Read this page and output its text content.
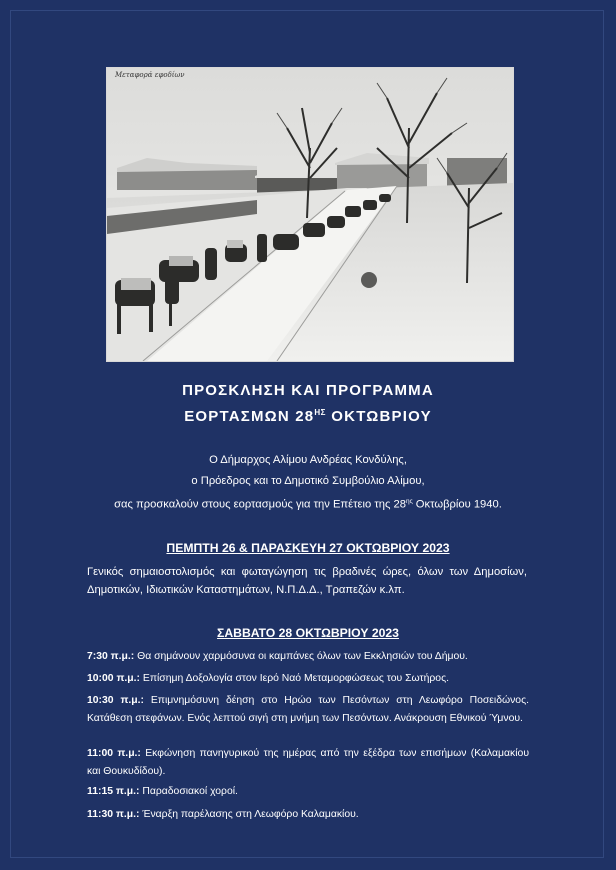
Μεταφορά εφοδίων
ΠΡΟΣΚΛΗΣΗ ΚΑΙ ΠΡΟΓΡΑΜΜΑ
ΕΟΡΤΑΣΜΩΝ $28^{H\Sigma}$ ΟΚΤΩΒΡΙΟΥ
Ο Δήμαρχος Αλίμου Ανδρέας Κονδύλης,
ο Πρόεδρος και το Δημοτικό Συμβούλιο Αλίμου,
σας προσκαλούν στους εορτασμούς για την Επέτειο της $28^{\eta\varsigma}$ Οκτωβρίου 1940.
ΠΕΜΠΤΗ 26 & ΠΑΡΑΣΚΕΥΗ 27 ΟΚΤΩΒΡΙΟΥ 2023
Γενικός σημαιοστολισμός και φωταγώγηση τις βραδινές ώρες, όλων των Δημοσίων, Δημοτικών, Ιδιωτικών Καταστημάτων, Ν.Π.Δ.Δ., Τραπεζών κ.λπ.
ΣΑΒΒΑΤΟ 28 ΟΚΤΩΒΡΙΟΥ 2023
7:30 π.μ.: Θα σημάνουν χαρμόσυνα οι καμπάνες όλων των Εκκλησιών του Δήμου.
10:00 π.μ.: Επίσημη Δοξολογία στον Ιερό Ναό Μεταμορφώσεως του Σωτήρος.
10:30 π.μ.: Επιμνημόσυνη δέηση στο Ηρώο των Πεσόντων στη Λεωφόρο Ποσειδώνος. Κατάθεση στεφάνων. Ενός λεπτού σιγή στη μνήμη των Πεσόντων. Ανάκρουση Εθνικού Ύμνου.
11:00 π.μ.: Εκφώνηση πανηγυρικού της ημέρας από την εξέδρα των επισήμων (Καλαμακίου και Θουκυδίδου).
11:15 π.μ.: Παραδοσιακοί χοροί.
11:30 π.μ.: Έναρξη παρέλασης στη Λεωφόρο Καλαμακίου.
